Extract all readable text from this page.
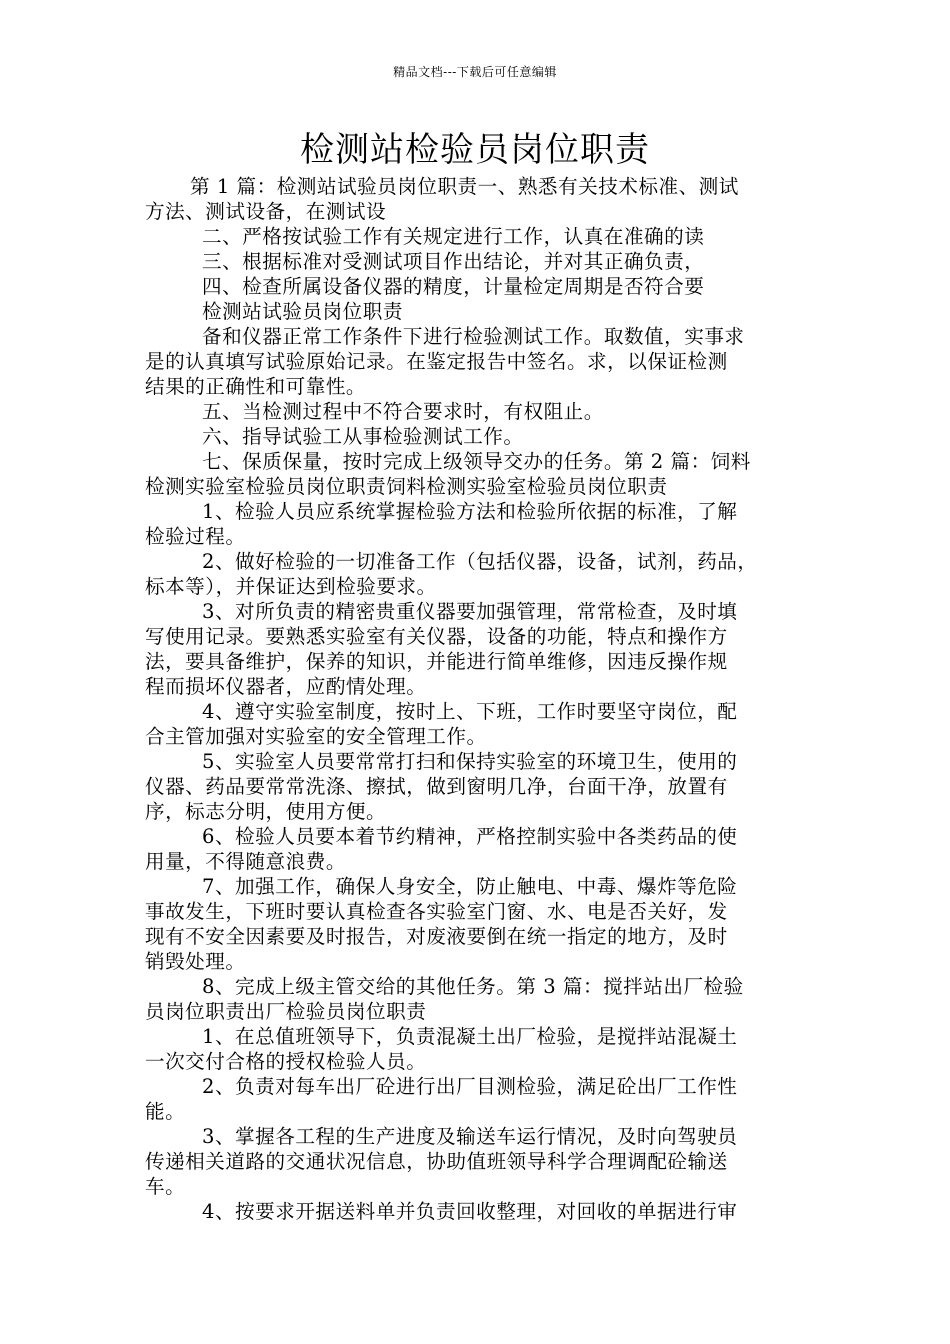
精品文档---下载后可任意编辑
检测站检验员岗位职责

第 1 篇：检测站试验员岗位职责一、熟悉有关技术标准、测试

方法、测试设备，在测试设

二、严格按试验工作有关规定进行工作，认真在准确的读

三、根据标准对受测试项目作出结论，并对其正确负责，

四、检查所属设备仪器的精度，计量检定周期是否符合要

检测站试验员岗位职责

备和仪器正常工作条件下进行检验测试工作。取数值，实事求

是的认真填写试验原始记录。在鉴定报告中签名。求，以保证检测

结果的正确性和可靠性。

五、当检测过程中不符合要求时，有权阻止。

六、指导试验工从事检验测试工作。

七、保质保量，按时完成上级领导交办的任务。第 2 篇：饲料

检测实验室检验员岗位职责饲料检测实验室检验员岗位职责

1、检验人员应系统掌握检验方法和检验所依据的标准，了解

检验过程。

2、做好检验的一切准备工作（包括仪器，设备，试剂，药品，

标本等），并保证达到检验要求。

3、对所负责的精密贵重仪器要加强管理，常常检查，及时填

写使用记录。要熟悉实验室有关仪器，设备的功能，特点和操作方

法，要具备维护，保养的知识，并能进行简单维修，因违反操作规

程而损坏仪器者，应酌情处理。

4、遵守实验室制度，按时上、下班，工作时要坚守岗位，配

合主管加强对实验室的安全管理工作。

5、实验室人员要常常打扫和保持实验室的环境卫生，使用的

仪器、药品要常常洗涤、擦拭，做到窗明几净，台面干净，放置有

序，标志分明，使用方便。

6、检验人员要本着节约精神，严格控制实验中各类药品的使

用量，不得随意浪费。

7、加强工作，确保人身安全，防止触电、中毒、爆炸等危险

事故发生，下班时要认真检查各实验室门窗、水、电是否关好，发

现有不安全因素要及时报告，对废液要倒在统一指定的地方，及时

销毁处理。

8、完成上级主管交给的其他任务。第 3 篇：搅拌站出厂检验

员岗位职责出厂检验员岗位职责

1、在总值班领导下，负责混凝土出厂检验，是搅拌站混凝土

一次交付合格的授权检验人员。

2、负责对每车出厂砼进行出厂目测检验，满足砼出厂工作性

能。

3、掌握各工程的生产进度及输送车运行情况，及时向驾驶员

传递相关道路的交通状况信息，协助值班领导科学合理调配砼输送

车。

4、按要求开据送料单并负责回收整理，对回收的单据进行审
